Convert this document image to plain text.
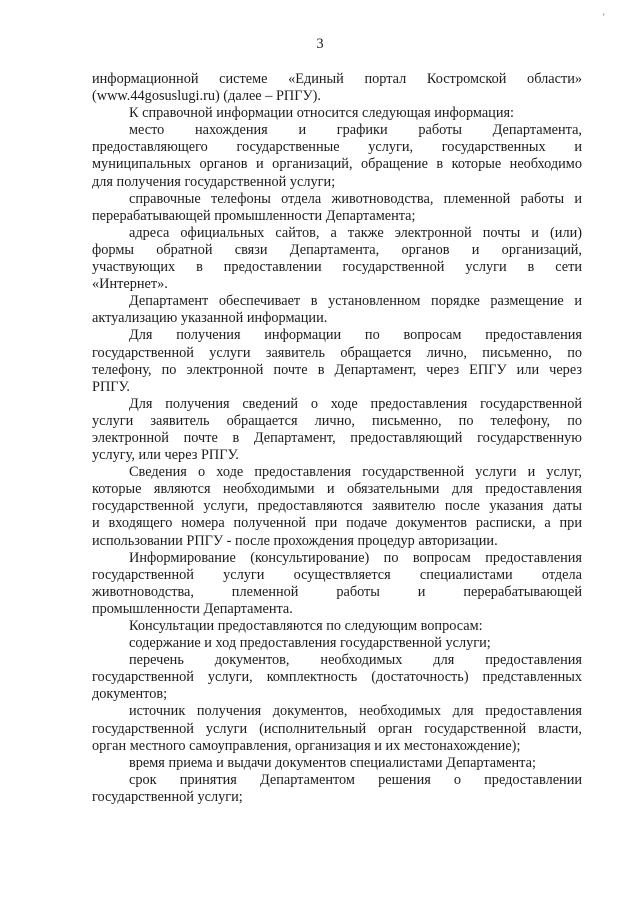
'
3
информационной системе «Единый портал Костромской области»
(www.44gosuslugi.ru) (далее – РПГУ).
К справочной информации относится следующая информация:
место нахождения и графики работы Департамента,
предоставляющего государственные услуги, государственных и
муниципальных органов и организаций, обращение в которые необходимо
для получения государственной услуги;
справочные телефоны отдела животноводства, племенной работы и
перерабатывающей промышленности Департамента;
адреса официальных сайтов, а также электронной почты и (или)
формы обратной связи Департамента, органов и организаций,
участвующих в предоставлении государственной услуги в сети
«Интернет».
Департамент обеспечивает в установленном порядке размещение и
актуализацию указанной информации.
Для получения информации по вопросам предоставления
государственной услуги заявитель обращается лично, письменно, по
телефону, по электронной почте в Департамент, через ЕПГУ или через
РПГУ.
Для получения сведений о ходе предоставления государственной
услуги заявитель обращается лично, письменно, по телефону, по
электронной почте в Департамент, предоставляющий государственную
услугу, или через РПГУ.
Сведения о ходе предоставления государственной услуги и услуг,
которые являются необходимыми и обязательными для предоставления
государственной услуги, предоставляются заявителю после указания даты
и входящего номера полученной при подаче документов расписки, а при
использовании РПГУ - после прохождения процедур авторизации.
Информирование (консультирование) по вопросам предоставления
государственной услуги осуществляется специалистами отдела
животноводства, племенной работы и перерабатывающей
промышленности Департамента.
Консультации предоставляются по следующим вопросам:
содержание и ход предоставления государственной услуги;
перечень документов, необходимых для предоставления
государственной услуги, комплектность (достаточность) представленных
документов;
источник получения документов, необходимых для предоставления
государственной услуги (исполнительный орган государственной власти,
орган местного самоуправления, организация и их местонахождение);
время приема и выдачи документов специалистами Департамента;
срок принятия Департаментом решения о предоставлении
государственной услуги;
